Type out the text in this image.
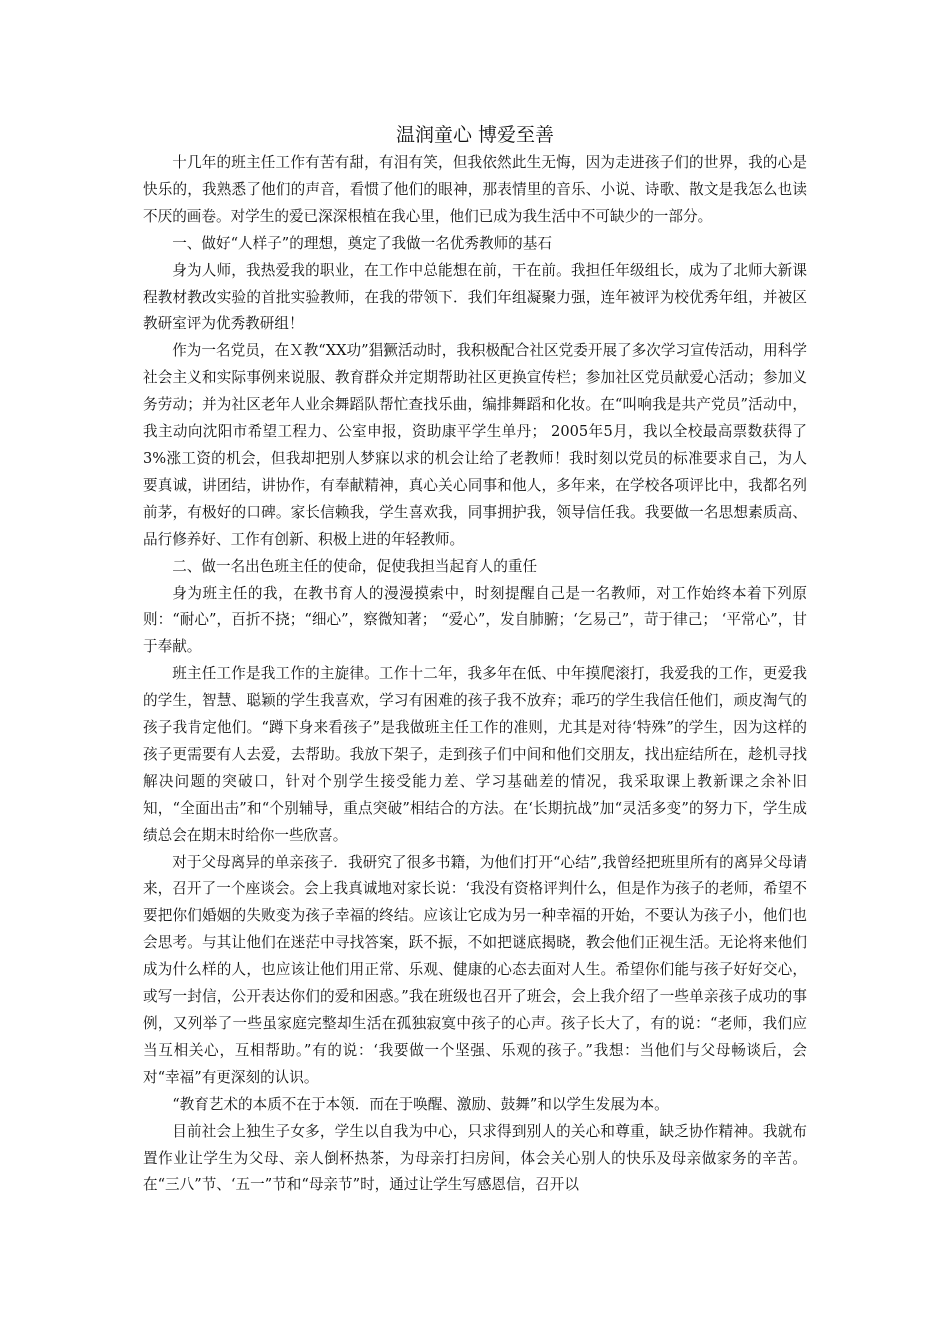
温润童心 博爱至善

十几年的班主任工作有苦有甜，有泪有笑，但我依然此生无悔，因为走进孩子们的世界，我的心是快乐的，我熟悉了他们的声音，看惯了他们的眼神，那表情里的音乐、小说、诗歌、散文是我怎么也读不厌的画卷。对学生的爱已深深根植在我心里，他们已成为我生活中不可缺少的一部分。

一、做好“人样子”的理想，奠定了我做一名优秀教师的基石

身为人师，我热爱我的职业，在工作中总能想在前，干在前。我担任年级组长，成为了北师大新课程教材教改实验的首批实验教师，在我的带领下．我们年组凝聚力强，连年被评为校优秀年组，并被区教研室评为优秀教研组！

作为一名党员，在Ｘ教“XX功”猖獗活动时，我积极配合社区党委开展了多次学习宣传活动，用科学社会主义和实际事例来说服、教育群众并定期帮助社区更换宣传栏；参加社区党员献爱心活动；参加义务劳动；并为社区老年人业余舞蹈队帮忙查找乐曲，编排舞蹈和化妆。在“叫响我是共产党员”活动中，我主动向沈阳市希望工程力、公室申报，资助康平学生单丹； 2005年5月，我以全校最高票数获得了3%涨工资的机会，但我却把别人梦寐以求的机会让给了老教师！我时刻以党员的标准要求自己，为人要真诚，讲团结，讲协作，有奉献精神，真心关心同事和他人，多年来，在学校各项评比中，我都名列前茅，有极好的口碑。家长信赖我，学生喜欢我，同事拥护我，领导信任我。我要做一名思想素质高、品行修养好、工作有创新、积极上进的年轻教师。

二、做一名出色班主任的使命，促使我担当起育人的重任

身为班主任的我，在教书育人的漫漫摸索中，时刻提醒自己是一名教师，对工作始终本着下列原则：“耐心”，百折不挠；“细心”，察微知著； “爱心”，发自肺腑；‘乞易己”，苛于律己； ‘平常心”，甘于奉献。

班主任工作是我工作的主旋律。工作十二年，我多年在低、中年摸爬滚打，我爱我的工作，更爱我的学生，智慧、聪颖的学生我喜欢，学习有困难的孩子我不放弃；乖巧的学生我信任他们，顽皮淘气的孩子我肯定他们。“蹲下身来看孩子”是我做班主任工作的准则，尤其是对待‘特殊”的学生，因为这样的孩子更需要有人去爱，去帮助。我放下架子，走到孩子们中间和他们交朋友，找出症结所在，趁机寻找解决问题的突破口，针对个别学生接受能力差、学习基础差的情况，我采取课上教新课之余补旧知，“全面出击”和“个别辅导，重点突破”相结合的方法。在‘长期抗战”加“灵活多变”的努力下，学生成绩总会在期末时给你一些欣喜。

对于父母离异的单亲孩子．我研究了很多书籍，为他们打开“心结”,我曾经把班里所有的离异父母请来，召开了一个座谈会。会上我真诚地对家长说：‘我没有资格评判什么，但是作为孩子的老师，希望不要把你们婚姻的失败变为孩子幸福的终结。应该让它成为另一种幸福的开始，不要认为孩子小，他们也会思考。与其让他们在迷茫中寻找答案，跃不振，不如把谜底揭晓，教会他们正视生活。无论将来他们成为什么样的人，也应该让他们用正常、乐观、健康的心态去面对人生。希望你们能与孩子好好交心，或写一封信，公开表达你们的爱和困惑。”我在班级也召开了班会，会上我介绍了一些单亲孩子成功的事例，又列举了一些虽家庭完整却生活在孤独寂寞中孩子的心声。孩子长大了，有的说：“老师，我们应当互相关心，互相帮助。”有的说：‘我要做一个坚强、乐观的孩子。”我想：当他们与父母畅谈后，会对“幸福”有更深刻的认识。

“教育艺术的本质不在于本领．而在于唤醒、激励、鼓舞”和以学生发展为本。

目前社会上独生子女多，学生以自我为中心，只求得到别人的关心和尊重，缺乏协作精神。我就布置作业让学生为父母、亲人倒杯热茶，为母亲打扫房间，体会关心别人的快乐及母亲做家务的辛苦。在“三八”节、‘五一”节和“母亲节”时，通过让学生写感恩信，召开以
